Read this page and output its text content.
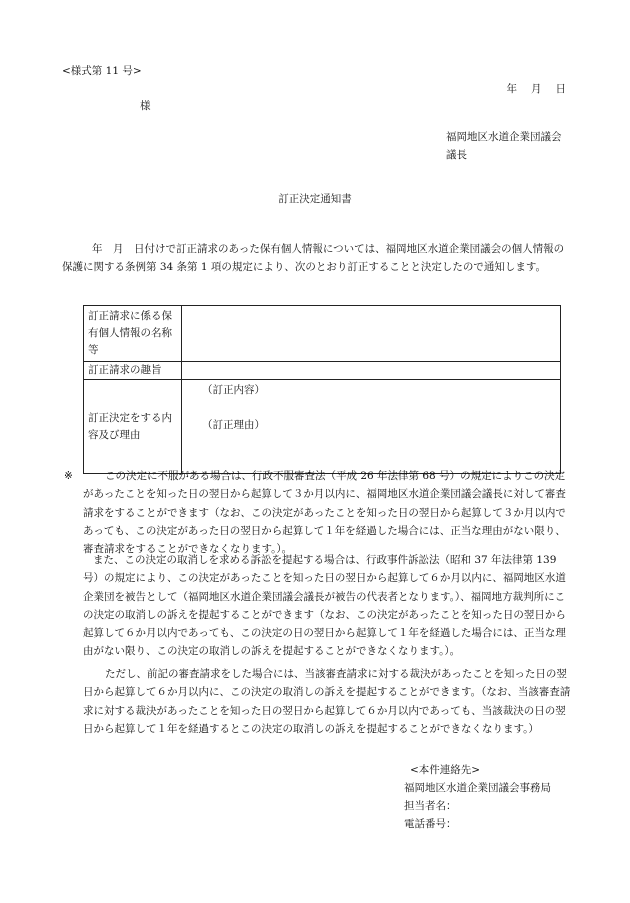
<様式第 11 号>
年 月 日
様
福岡地区水道企業団議会
議長
訂正決定通知書
年　月　日付けで訂正請求のあった保有個人情報については、福岡地区水道企業団議会の個人情報の保護に関する条例第 34 条第 1 項の規定により、次のとおり訂正することと決定したので通知します。
訂正請求に係る保有個人情報の名称等	
訂正請求の趣旨	
訂正決定をする内容及び理由	（訂正内容）
（訂正理由）
※	この決定に不服がある場合は、行政不服審査法（平成 26 年法律第 68 号）の規定によりこの決定があったことを知った日の翌日から起算して３か月以内に、福岡地区水道企業団議会議長に対して審査請求をすることができます（なお、この決定があったことを知った日の翌日から起算して３か月以内であっても、この決定があった日の翌日から起算して１年を経過した場合には、正当な理由がない限り、審査請求をすることができなくなります。）。
また、この決定の取消しを求める訴訟を提起する場合は、行政事件訴訟法（昭和 37 年法律第 139 号）の規定により、この決定があったことを知った日の翌日から起算して６か月以内に、福岡地区水道企業団を被告として（福岡地区水道企業団議会議長が被告の代表者となります。）、福岡地方裁判所にこの決定の取消しの訴えを提起することができます（なお、この決定があったことを知った日の翌日から起算して６か月以内であっても、この決定の日の翌日から起算して１年を経過した場合には、正当な理由がない限り、この決定の取消しの訴えを提起することができなくなります。）。
ただし、前記の審査請求をした場合には、当該審査請求に対する裁決があったことを知った日の翌日から起算して６か月以内に、この決定の取消しの訴えを提起することができます。（なお、当該審査請求に対する裁決があったことを知った日の翌日から起算して６か月以内であっても、当該裁決の日の翌日から起算して１年を経過するとこの決定の取消しの訴えを提起することができなくなります。）
<本件連絡先>
福岡地区水道企業団議会事務局
担当者名：
電話番号：
